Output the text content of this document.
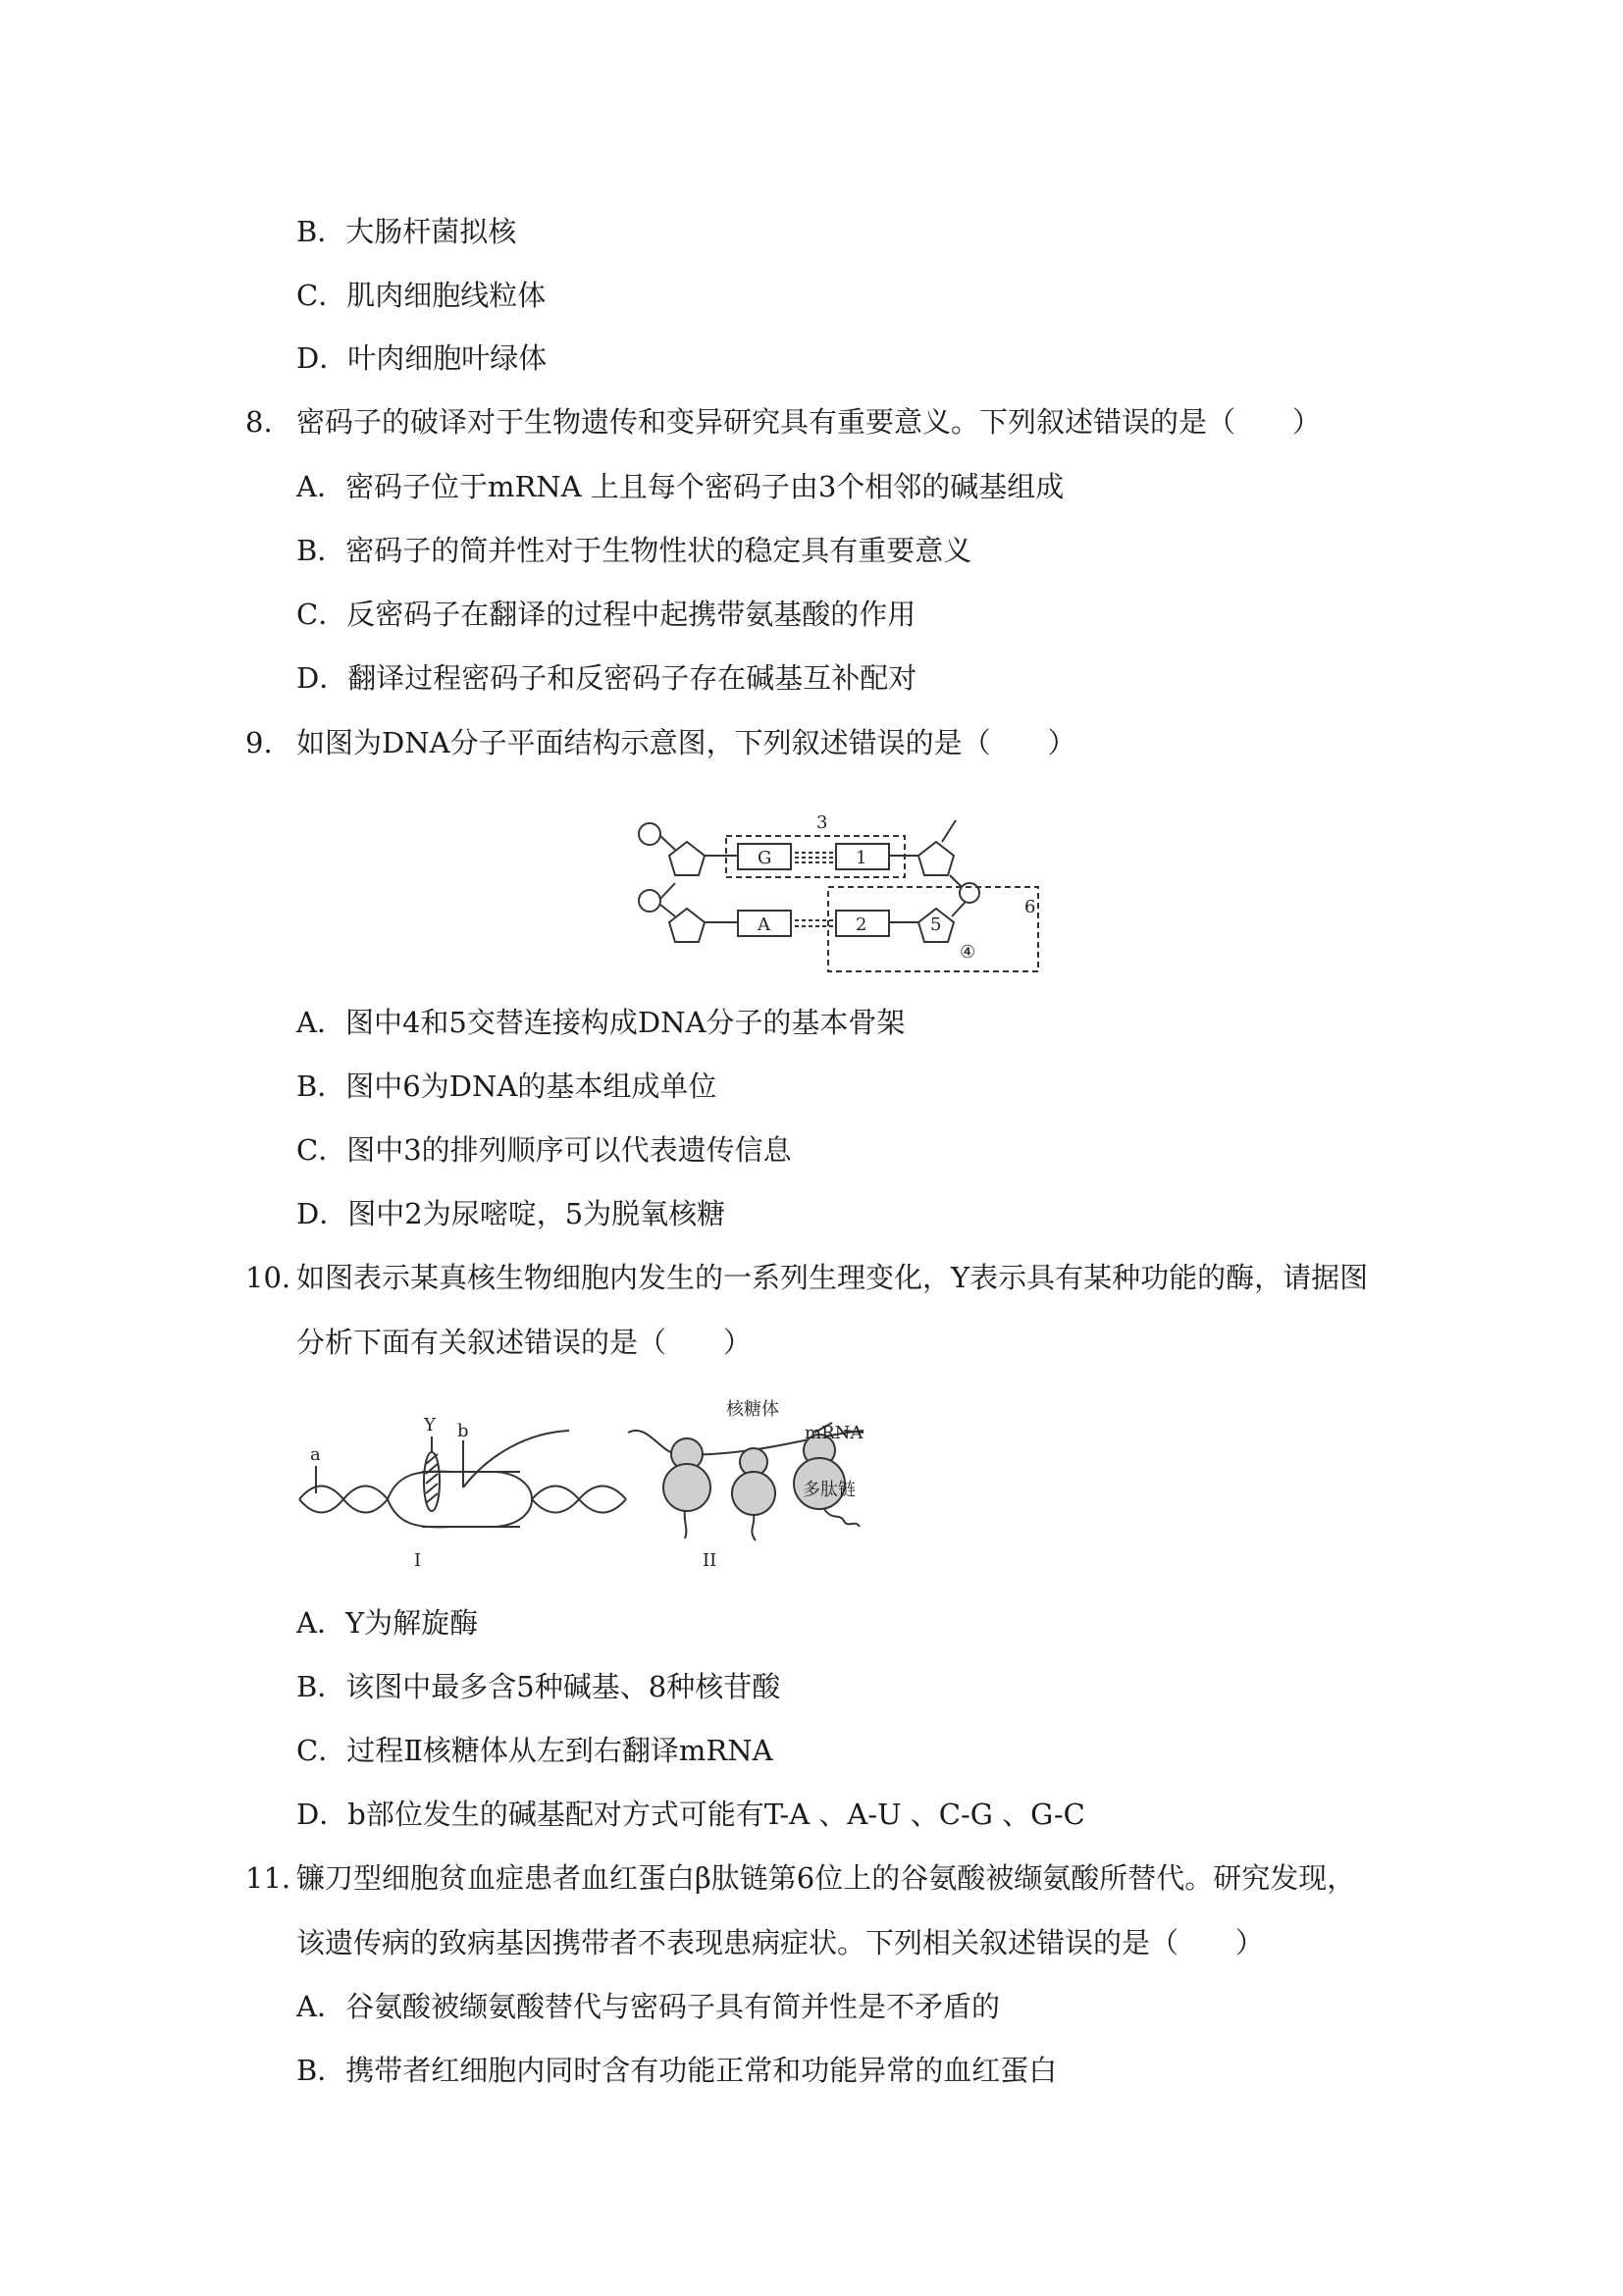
B．大肠杆菌拟核
C．肌肉细胞线粒体
D．叶肉细胞叶绿体
8. 密码子的破译对于生物遗传和变异研究具有重要意义。下列叙述错误的是（　　）
A．密码子位于mRNA 上且每个密码子由3个相邻的碱基组成
B．密码子的简并性对于生物性状的稳定具有重要意义
C．反密码子在翻译的过程中起携带氨基酸的作用
D．翻译过程密码子和反密码子存在碱基互补配对
9. 如图为DNA分子平面结构示意图，下列叙述错误的是（　　）
3
6
G	1
A	2	5
④
A．图中4和5交替连接构成DNA分子的基本骨架
B．图中6为DNA的基本组成单位
C．图中3的排列顺序可以代表遗传信息
D．图中2为尿嘧啶，5为脱氧核糖
10. 如图表示某真核生物细胞内发生的一系列生理变化，Y表示具有某种功能的酶，请据图
分析下面有关叙述错误的是（　　）
a
Y b
I	II
核糖体
mRNA
多肽链
A．Y为解旋酶
B．该图中最多含5种碱基、8种核苷酸
C．过程Ⅱ核糖体从左到右翻译mRNA
D．b部位发生的碱基配对方式可能有T-A 、A-U 、C-G 、G-C
11. 镰刀型细胞贫血症患者血红蛋白β肽链第6位上的谷氨酸被缬氨酸所替代。研究发现，
该遗传病的致病基因携带者不表现患病症状。下列相关叙述错误的是（　　）
A．谷氨酸被缬氨酸替代与密码子具有简并性是不矛盾的
B．携带者红细胞内同时含有功能正常和功能异常的血红蛋白
